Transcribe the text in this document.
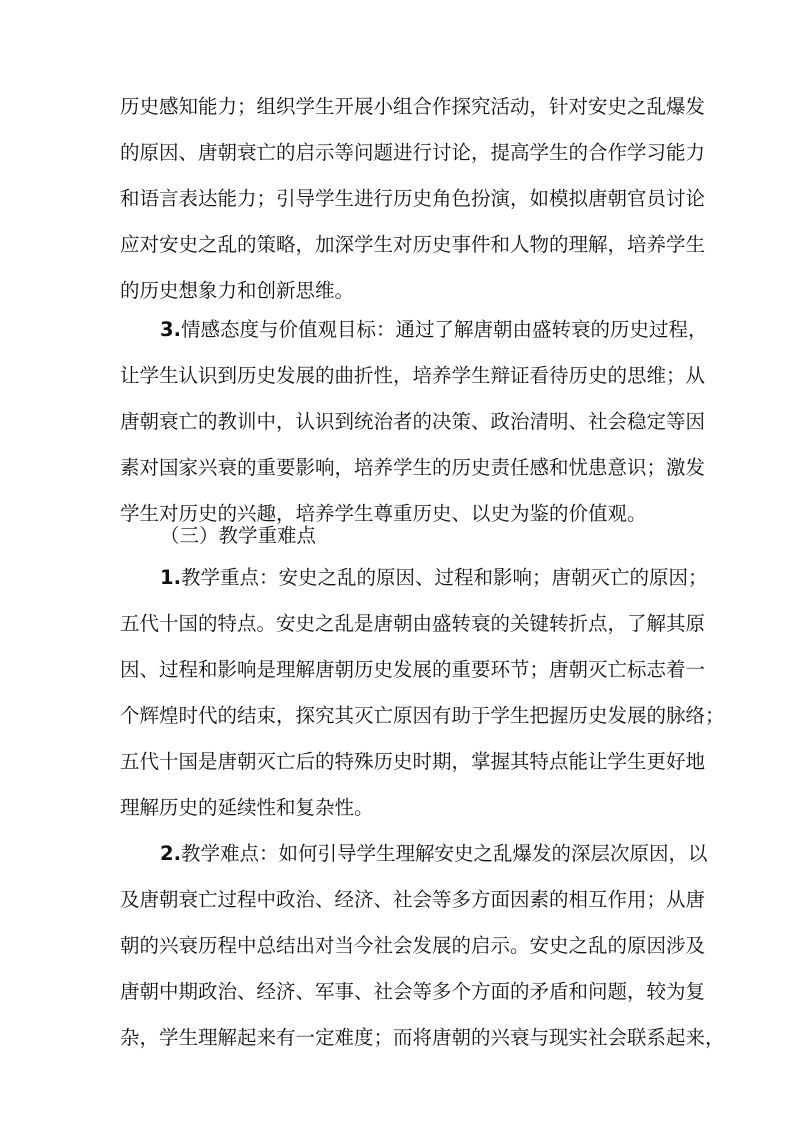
历史感知能力；组织学生开展小组合作探究活动，针对安史之乱爆发
的原因、唐朝衰亡的启示等问题进行讨论，提高学生的合作学习能力
和语言表达能力；引导学生进行历史角色扮演，如模拟唐朝官员讨论
应对安史之乱的策略，加深学生对历史事件和人物的理解，培养学生
的历史想象力和创新思维。
3.情感态度与价值观目标：通过了解唐朝由盛转衰的历史过程，
让学生认识到历史发展的曲折性，培养学生辩证看待历史的思维；从
唐朝衰亡的教训中，认识到统治者的决策、政治清明、社会稳定等因
素对国家兴衰的重要影响，培养学生的历史责任感和忧患意识；激发
学生对历史的兴趣，培养学生尊重历史、以史为鉴的价值观。
（三）教学重难点
1.教学重点：安史之乱的原因、过程和影响；唐朝灭亡的原因；
五代十国的特点。安史之乱是唐朝由盛转衰的关键转折点，了解其原
因、过程和影响是理解唐朝历史发展的重要环节；唐朝灭亡标志着一
个辉煌时代的结束，探究其灭亡原因有助于学生把握历史发展的脉络；
五代十国是唐朝灭亡后的特殊历史时期，掌握其特点能让学生更好地
理解历史的延续性和复杂性。
2.教学难点：如何引导学生理解安史之乱爆发的深层次原因，以
及唐朝衰亡过程中政治、经济、社会等多方面因素的相互作用；从唐
朝的兴衰历程中总结出对当今社会发展的启示。安史之乱的原因涉及
唐朝中期政治、经济、军事、社会等多个方面的矛盾和问题，较为复
杂，学生理解起来有一定难度；而将唐朝的兴衰与现实社会联系起来，
